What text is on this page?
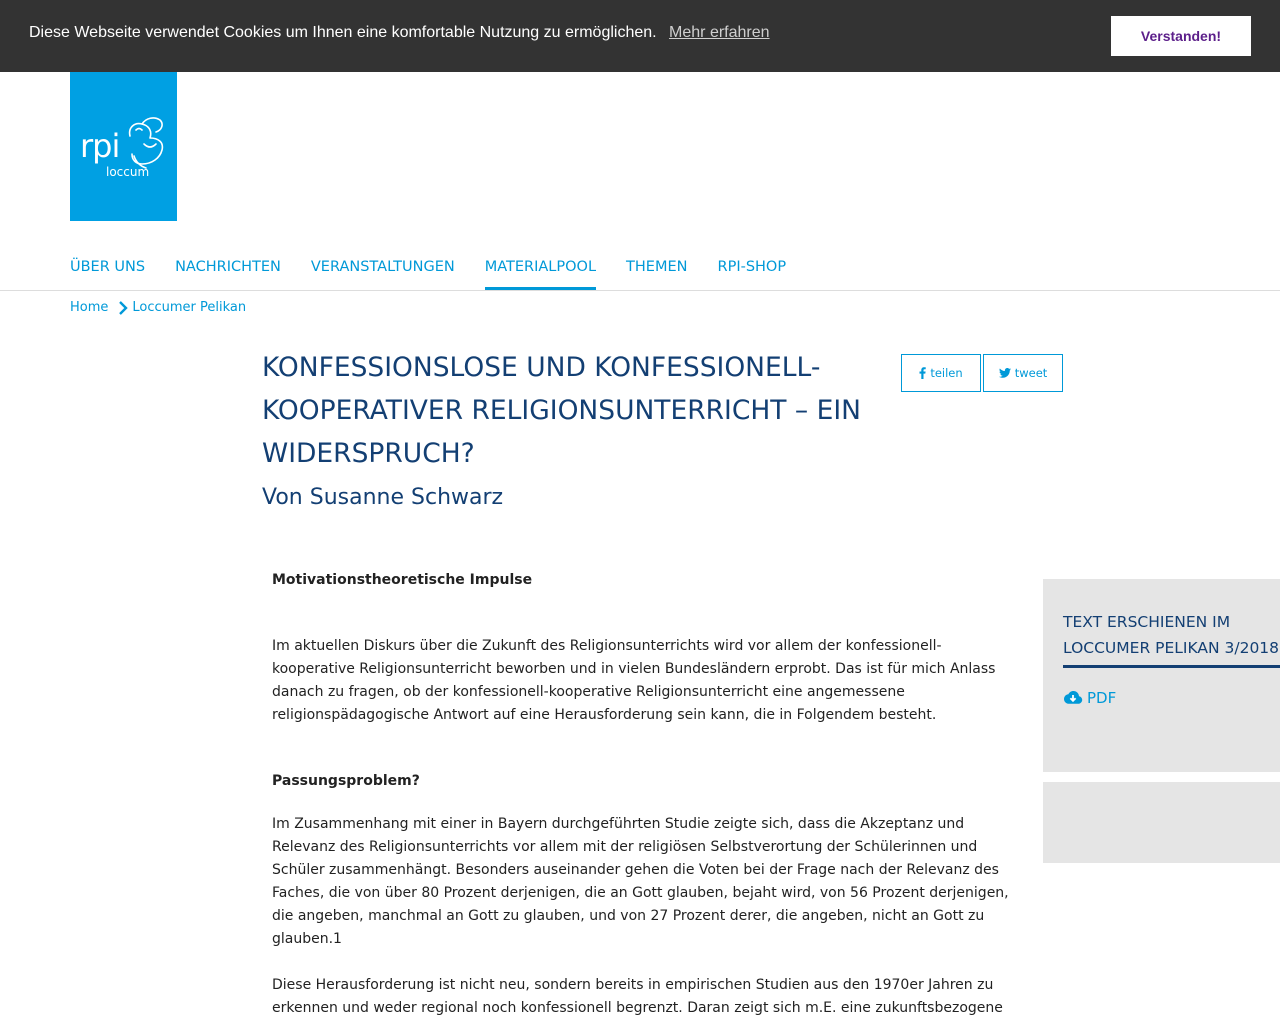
Diese Webseite verwendet Cookies um Ihnen eine komfortable Nutzung zu ermöglichen. Mehr erfahren	Verstanden!
rpi
loccum
ÜBER UNS NACHRICHTEN VERANSTALTUNGEN MATERIALPOOL THEMEN RPI-SHOP
Home Loccumer Pelikan
KONFESSIONSLOSE UND KONFESSIONELL-KOOPERATIVER RELIGIONSUNTERRICHT – EIN WIDERSPRUCH?
Von Susanne Schwarz
teilen	tweet
Motivationstheoretische Impulse

Im aktuellen Diskurs über die Zukunft des Religionsunterrichts wird vor allem der konfessionell-kooperative Religionsunterricht beworben und in vielen Bundesländern erprobt. Das ist für mich Anlass danach zu fragen, ob der konfessionell-kooperative Religionsunterricht eine angemessene religionspädagogische Antwort auf eine Herausforderung sein kann, die in Folgendem besteht.

Passungsproblem?

Im Zusammenhang mit einer in Bayern durchgeführten Studie zeigte sich, dass die Akzeptanz und Relevanz des Religionsunterrichts vor allem mit der religiösen Selbstverortung der Schülerinnen und Schüler zusammenhängt. Besonders auseinander gehen die Voten bei der Frage nach der Relevanz des Faches, die von über 80 Prozent derjenigen, die an Gott glauben, bejaht wird, von 56 Prozent derjenigen, die angeben, manchmal an Gott zu glauben, und von 27 Prozent derer, die angeben, nicht an Gott zu glauben.1

Diese Herausforderung ist nicht neu, sondern bereits in empirischen Studien aus den 1970er Jahren zu erkennen und weder regional noch konfessionell begrenzt. Daran zeigt sich m.E. eine zukunftsbezogene

TEXT ERSCHIENEN IM LOCCUMER PELIKAN 3/2018
PDF
